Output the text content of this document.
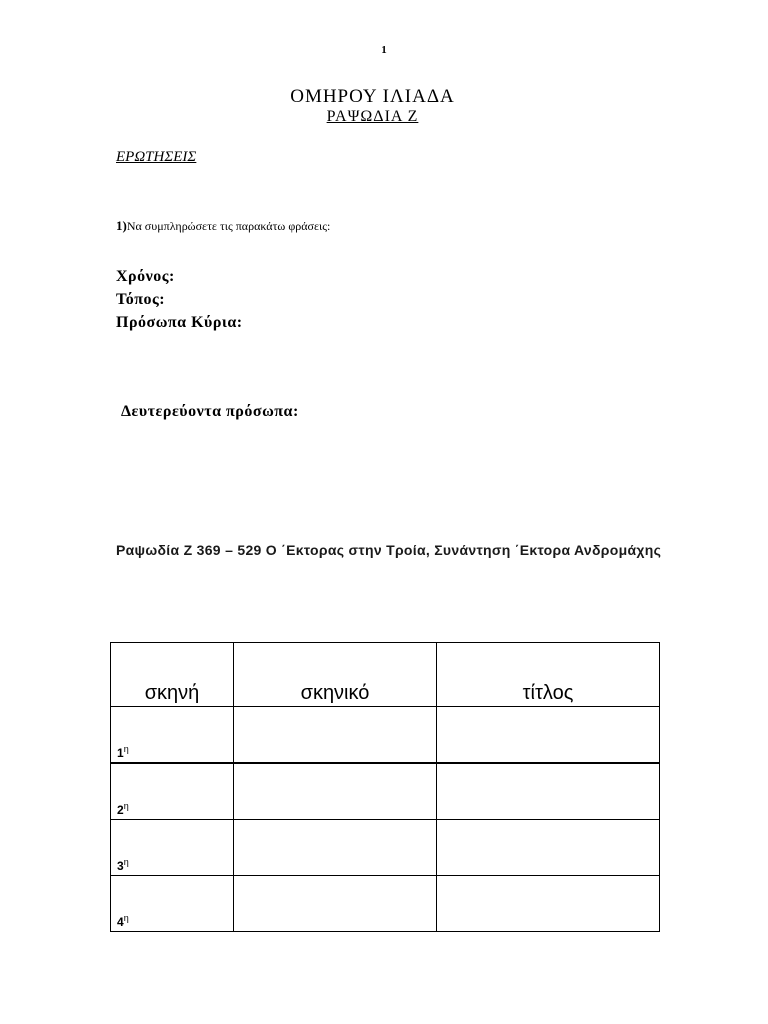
1
ΟΜΗΡΟΥ ΙΛΙΑΔΑ
ΡΑΨΩΔΙΑ Ζ
ΕΡΩΤΗΣΕΙΣ
1)Να συμπληρώσετε τις παρακάτω φράσεις:
Χρόνος:
Τόπος:
Πρόσωπα Κύρια:
Δευτερεύοντα πρόσωπα:
Ραψωδία Ζ 369 – 529 Ο ΄Εκτορας στην Τροία, Συνάντηση ΄Εκτορα Ανδρομάχης
σκηνή	σκηνικό	τίτλος
$1^\eta$		
$2^\eta$		
$3^\eta$		
$4^\eta$		
